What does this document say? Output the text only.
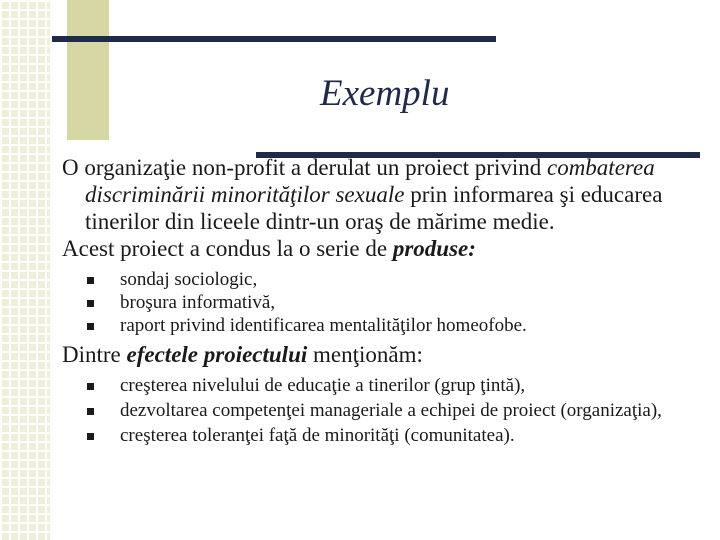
Exemplu

O organizaţie non-profit a derulat un proiect privind combaterea discriminării minorităţilor sexuale prin informarea şi educarea tinerilor din liceele dintr-un oraş de mărime medie.

Acest proiect a condus la o serie de produse:

sondaj sociologic,
broşura informativă,
raport privind identificarea mentalităţilor homeofobe.

Dintre efectele proiectului menţionăm:

creşterea nivelului de educaţie a tinerilor (grup ţintă),
dezvoltarea competenţei manageriale a echipei de proiect (organizaţia),
creşterea toleranţei faţă de minorităţi (comunitatea).
